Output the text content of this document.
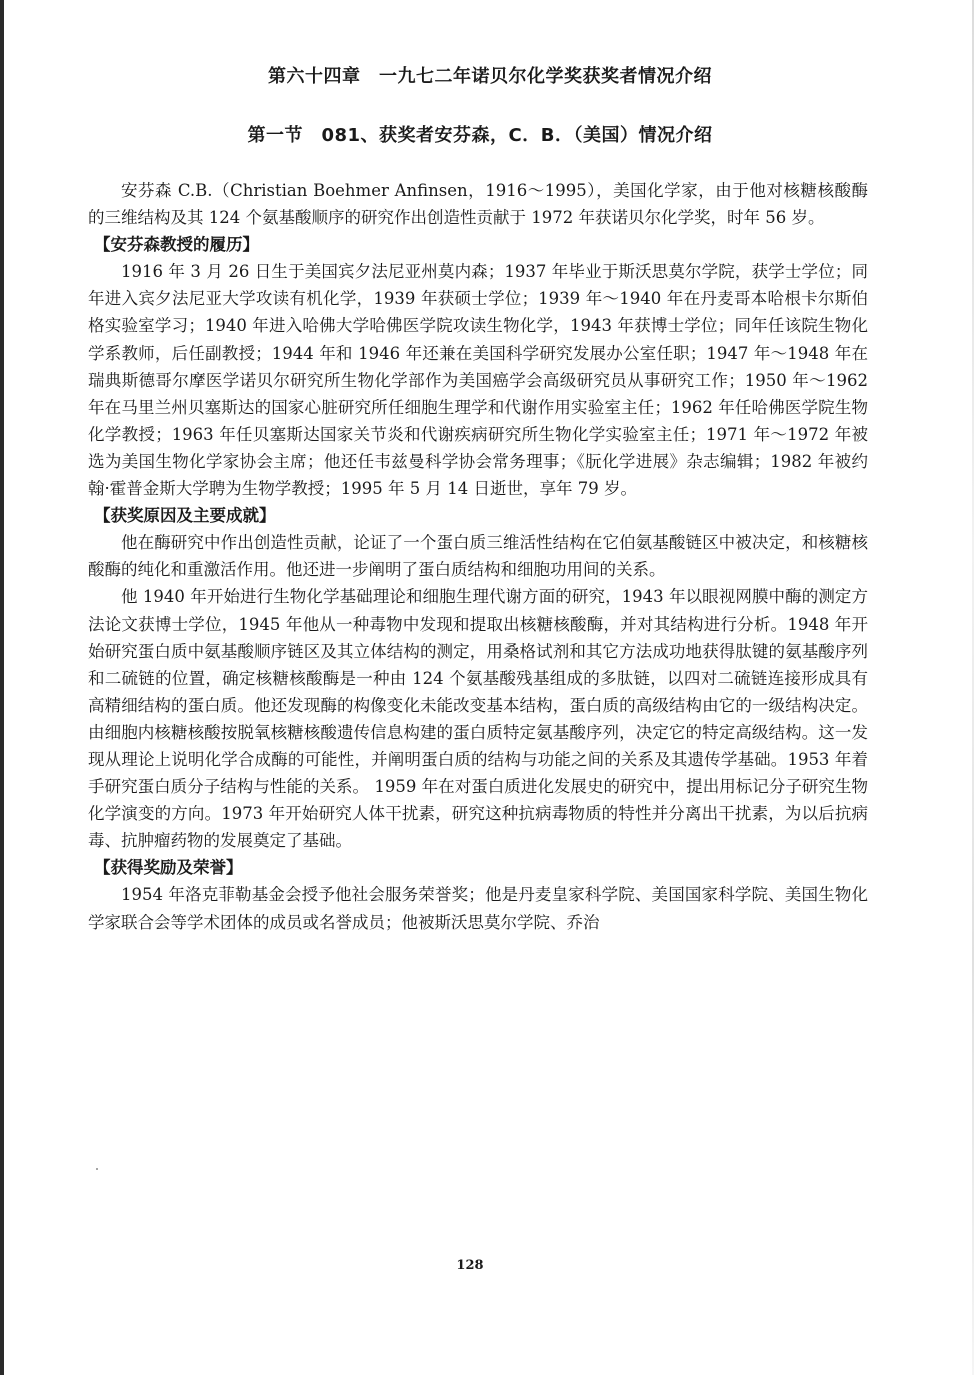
第六十四章　一九七二年诺贝尔化学奖获奖者情况介绍
第一节　081、获奖者安芬森，C．B．（美国）情况介绍

安芬森 C.B.（Christian Boehmer Anfinsen，1916～1995），美国化学家，由于他对核糖核酸酶的三维结构及其 124 个氨基酸顺序的研究作出创造性贡献于 1972 年获诺贝尔化学奖，时年 56 岁。

【安芬森教授的履历】

1916 年 3 月 26 日生于美国宾夕法尼亚州莫内森；1937 年毕业于斯沃思莫尔学院，获学士学位；同年进入宾夕法尼亚大学攻读有机化学，1939 年获硕士学位；1939 年～1940 年在丹麦哥本哈根卡尔斯伯格实验室学习；1940 年进入哈佛大学哈佛医学院攻读生物化学，1943 年获博士学位；同年任该院生物化学系教师，后任副教授；1944 年和 1946 年还兼在美国科学研究发展办公室任职；1947 年～1948 年在瑞典斯德哥尔摩医学诺贝尔研究所生物化学部作为美国癌学会高级研究员从事研究工作；1950 年～1962 年在马里兰州贝塞斯达的国家心脏研究所任细胞生理学和代谢作用实验室主任；1962 年任哈佛医学院生物化学教授；1963 年任贝塞斯达国家关节炎和代谢疾病研究所生物化学实验室主任；1971 年～1972 年被选为美国生物化学家协会主席；他还任韦兹曼科学协会常务理事；《朊化学进展》杂志编辑；1982 年被约翰·霍普金斯大学聘为生物学教授；1995 年 5 月 14 日逝世，享年 79 岁。

【获奖原因及主要成就】

他在酶研究中作出创造性贡献，论证了一个蛋白质三维活性结构在它伯氨基酸链区中被决定，和核糖核酸酶的纯化和重激活作用。他还进一步阐明了蛋白质结构和细胞功用间的关系。

他 1940 年开始进行生物化学基础理论和细胞生理代谢方面的研究，1943 年以眼视网膜中酶的测定方法论文获博士学位，1945 年他从一种毒物中发现和提取出核糖核酸酶，并对其结构进行分析。1948 年开始研究蛋白质中氨基酸顺序链区及其立体结构的测定，用桑格试剂和其它方法成功地获得肽键的氨基酸序列和二硫链的位置，确定核糖核酸酶是一种由 124 个氨基酸残基组成的多肽链，以四对二硫链连接形成具有高精细结构的蛋白质。他还发现酶的构像变化未能改变基本结构，蛋白质的高级结构由它的一级结构决定。由细胞内核糖核酸按脱氧核糖核酸遗传信息构建的蛋白质特定氨基酸序列，决定它的特定高级结构。这一发现从理论上说明化学合成酶的可能性，并阐明蛋白质的结构与功能之间的关系及其遗传学基础。1953 年着手研究蛋白质分子结构与性能的关系。 1959 年在对蛋白质进化发展史的研究中，提出用标记分子研究生物化学演变的方向。1973 年开始研究人体干扰素，研究这种抗病毒物质的特性并分离出干扰素，为以后抗病毒、抗肿瘤药物的发展奠定了基础。

【获得奖励及荣誉】

1954 年洛克菲勒基金会授予他社会服务荣誉奖；他是丹麦皇家科学院、美国国家科学院、美国生物化学家联合会等学术团体的成员或名誉成员；他被斯沃思莫尔学院、乔治

128
